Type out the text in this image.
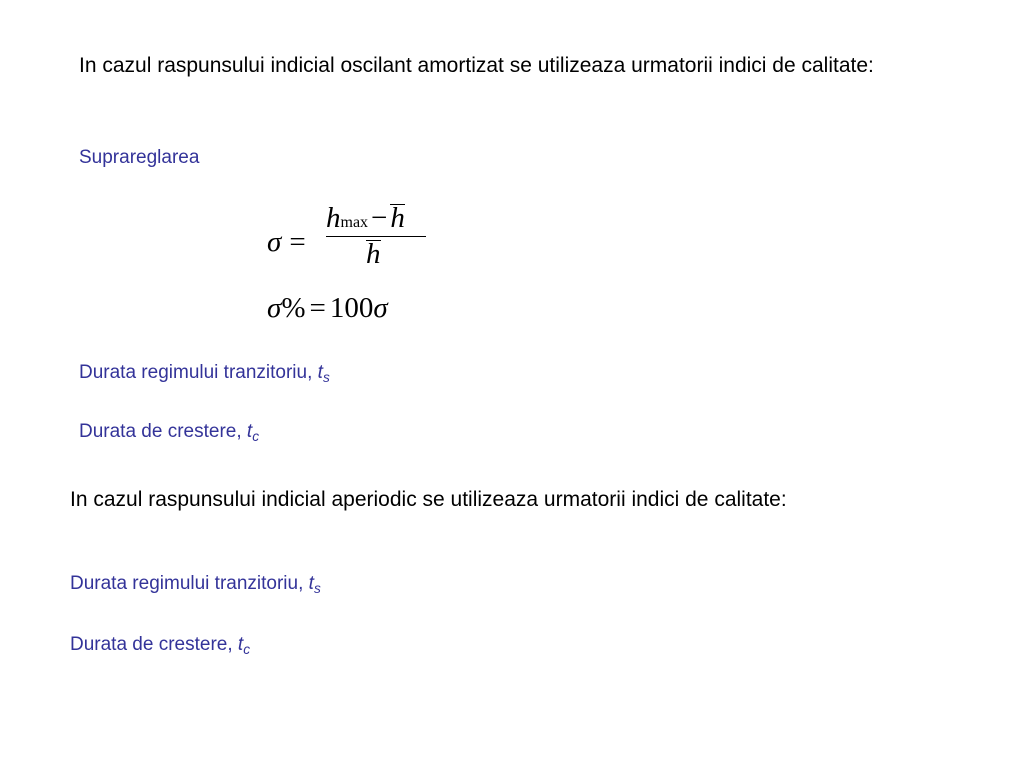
In cazul raspunsului indicial oscilant amortizat se utilizeaza urmatorii indici de calitate:
Suprareglarea
σ =
hmax − h
h
σ% = 100σ
Durata regimului tranzitoriu, $t_s$
Durata de crestere, $t_c$
In cazul raspunsului indicial aperiodic se utilizeaza urmatorii indici de calitate:
Durata regimului tranzitoriu, $t_s$
Durata de crestere, $t_c$
